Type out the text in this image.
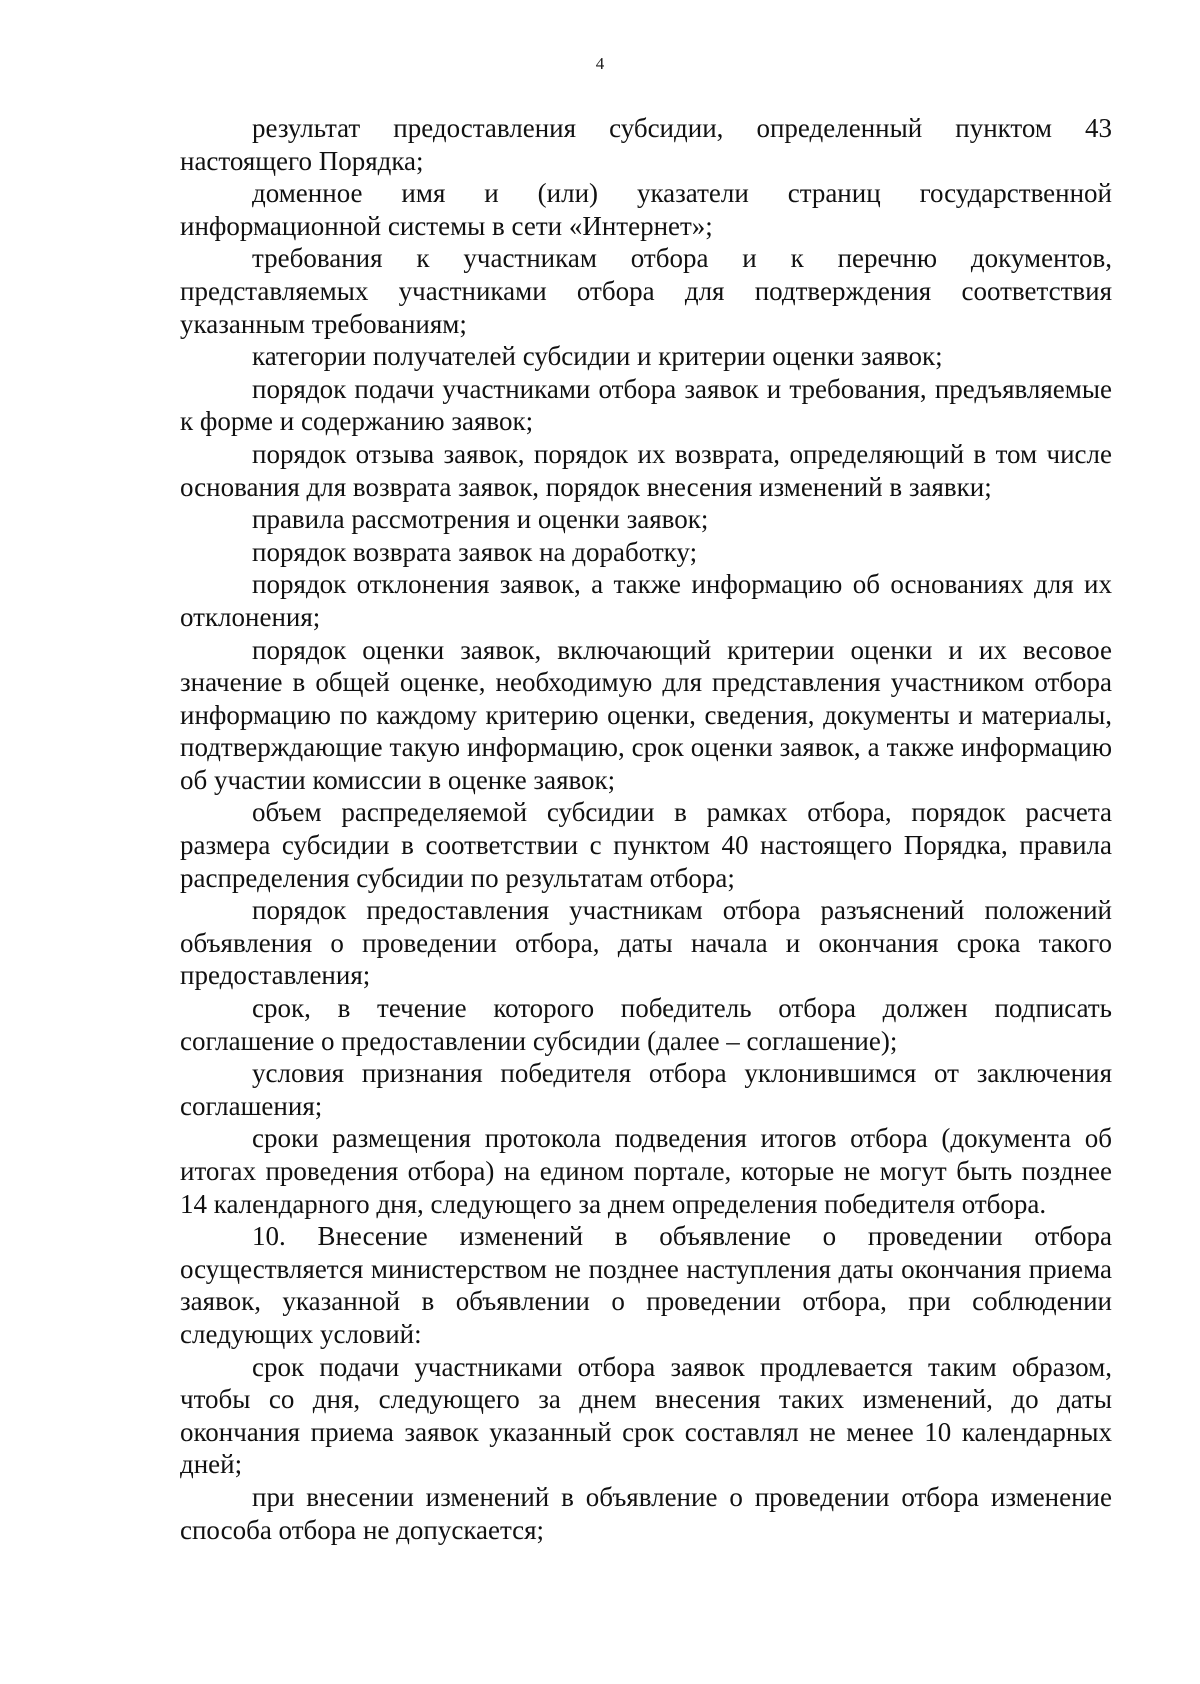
4

результат предоставления субсидии, определенный пунктом 43 настоящего Порядка;

доменное имя и (или) указатели страниц государственной информационной системы в сети «Интернет»;

требования к участникам отбора и к перечню документов, представляемых участниками отбора для подтверждения соответствия указанным требованиям;

категории получателей субсидии и критерии оценки заявок;

порядок подачи участниками отбора заявок и требования, предъявляемые к форме и содержанию заявок;

порядок отзыва заявок, порядок их возврата, определяющий в том числе основания для возврата заявок, порядок внесения изменений в заявки;

правила рассмотрения и оценки заявок;

порядок возврата заявок на доработку;

порядок отклонения заявок, а также информацию об основаниях для их отклонения;

порядок оценки заявок, включающий критерии оценки и их весовое значение в общей оценке, необходимую для представления участником отбора информацию по каждому критерию оценки, сведения, документы и материалы, подтверждающие такую информацию, срок оценки заявок, а также информацию об участии комиссии в оценке заявок;

объем распределяемой субсидии в рамках отбора, порядок расчета размера субсидии в соответствии с пунктом 40 настоящего Порядка, правила распределения субсидии по результатам отбора;

порядок предоставления участникам отбора разъяснений положений объявления о проведении отбора, даты начала и окончания срока такого предоставления;

срок, в течение которого победитель отбора должен подписать соглашение о предоставлении субсидии (далее – соглашение);

условия признания победителя отбора уклонившимся от заключения соглашения;

сроки размещения протокола подведения итогов отбора (документа об итогах проведения отбора) на едином портале, которые не могут быть позднее 14 календарного дня, следующего за днем определения победителя отбора.

10. Внесение изменений в объявление о проведении отбора осуществляется министерством не позднее наступления даты окончания приема заявок, указанной в объявлении о проведении отбора, при соблюдении следующих условий:

срок подачи участниками отбора заявок продлевается таким образом, чтобы со дня, следующего за днем внесения таких изменений, до даты окончания приема заявок указанный срок составлял не менее 10 календарных дней;

при внесении изменений в объявление о проведении отбора изменение способа отбора не допускается;
